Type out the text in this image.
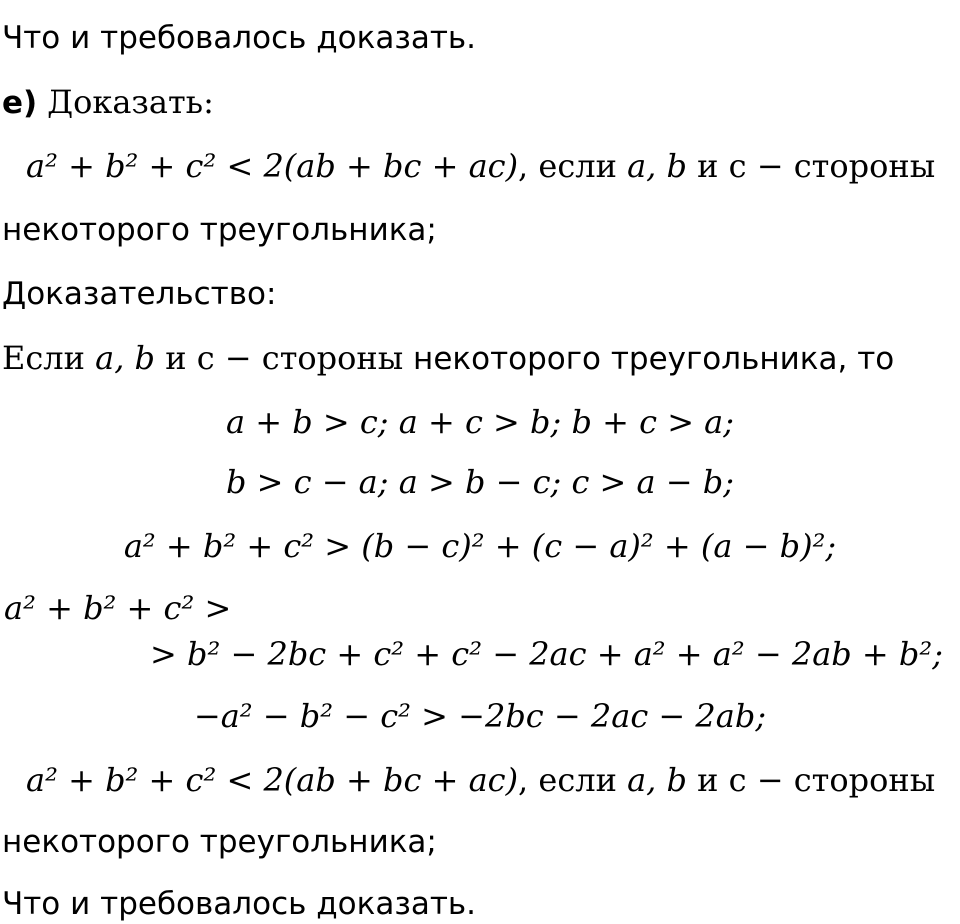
Что и требовалось доказать.
е) Доказать:
a² + b² + c² < 2(ab + bc + ac), если a, b и с − стороны
некоторого треугольника;
Доказательство:
Если a, b и с − стороны некоторого треугольника, то
a + b > c; a + c > b; b + c > a;
b > c − a; a > b − c; c > a − b;
a² + b² + c² > (b − c)² + (c − a)² + (a − b)²;
a² + b² + c² >
> b² − 2bc + c² + c² − 2ac + a² + a² − 2ab + b²;
−a² − b² − c² > −2bc − 2ac − 2ab;
a² + b² + c² < 2(ab + bc + ac), если a, b и с − стороны
некоторого треугольника;
Что и требовалось доказать.
